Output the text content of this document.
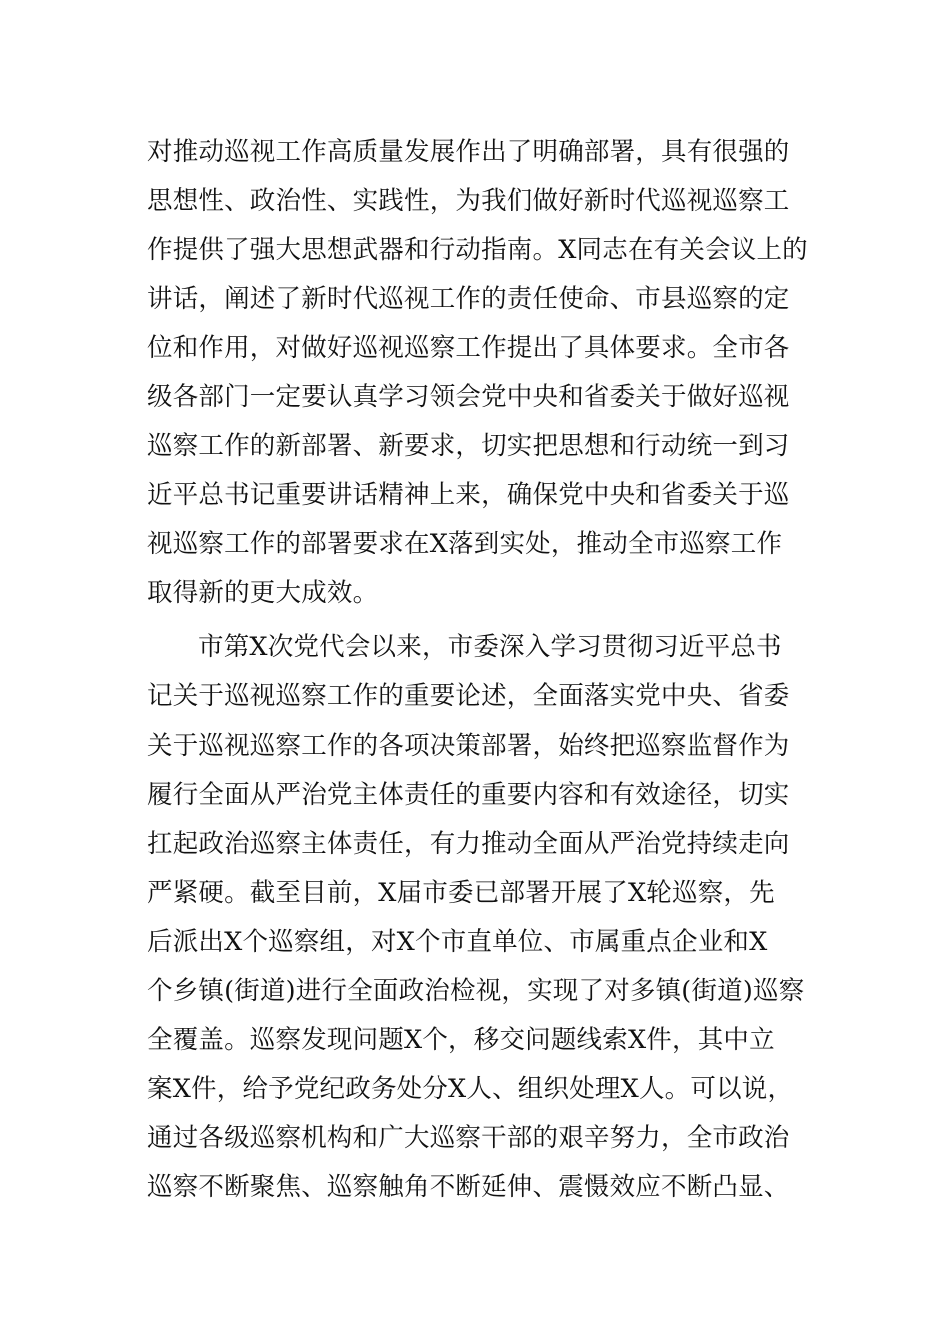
对推动巡视工作高质量发展作出了明确部署，具有很强的
思想性、政治性、实践性，为我们做好新时代巡视巡察工
作提供了强大思想武器和行动指南。X同志在有关会议上的
讲话，阐述了新时代巡视工作的责任使命、市县巡察的定
位和作用，对做好巡视巡察工作提出了具体要求。全市各
级各部门一定要认真学习领会党中央和省委关于做好巡视
巡察工作的新部署、新要求，切实把思想和行动统一到习
近平总书记重要讲话精神上来，确保党中央和省委关于巡
视巡察工作的部署要求在X落到实处，推动全市巡察工作
取得新的更大成效。
市第X次党代会以来，市委深入学习贯彻习近平总书
记关于巡视巡察工作的重要论述，全面落实党中央、省委
关于巡视巡察工作的各项决策部署，始终把巡察监督作为
履行全面从严治党主体责任的重要内容和有效途径，切实
扛起政治巡察主体责任，有力推动全面从严治党持续走向
严紧硬。截至目前，X届市委已部署开展了X轮巡察，先
后派出X个巡察组，对X个市直单位、市属重点企业和X
个乡镇(街道)进行全面政治检视，实现了对多镇(街道)巡察
全覆盖。巡察发现问题X个，移交问题线索X件，其中立
案X件，给予党纪政务处分X人、组织处理X人。可以说，
通过各级巡察机构和广大巡察干部的艰辛努力，全市政治
巡察不断聚焦、巡察触角不断延伸、震慑效应不断凸显、
